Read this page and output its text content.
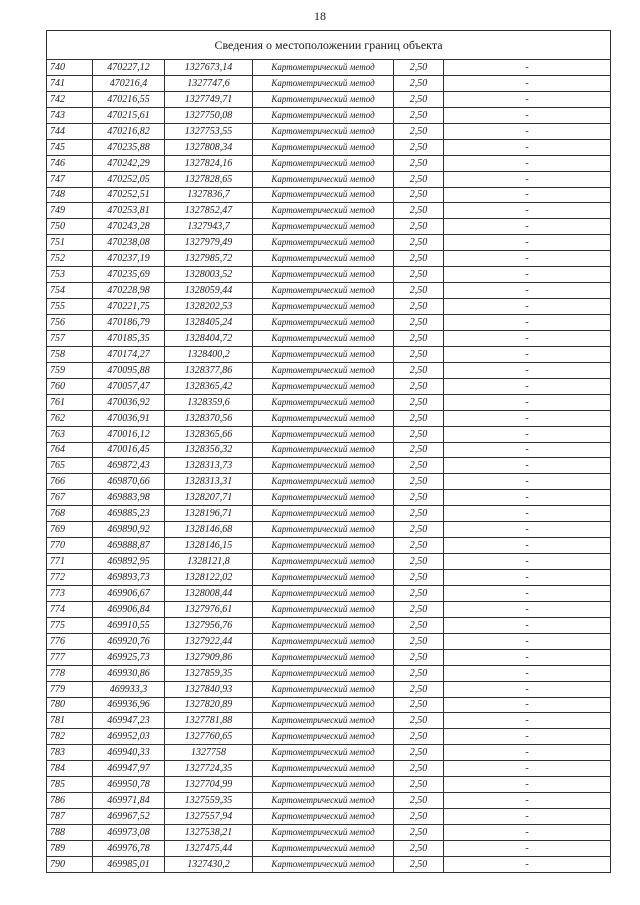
18
Сведения о местоположении границ объекта					
740	470227,12	1327673,14	Картометрический метод	2,50	-
741	470216,4	1327747,6	Картометрический метод	2,50	-
742	470216,55	1327749,71	Картометрический метод	2,50	-
743	470215,61	1327750,08	Картометрический метод	2,50	-
744	470216,82	1327753,55	Картометрический метод	2,50	-
745	470235,88	1327808,34	Картометрический метод	2,50	-
746	470242,29	1327824,16	Картометрический метод	2,50	-
747	470252,05	1327828,65	Картометрический метод	2,50	-
748	470252,51	1327836,7	Картометрический метод	2,50	-
749	470253,81	1327852,47	Картометрический метод	2,50	-
750	470243,28	1327943,7	Картометрический метод	2,50	-
751	470238,08	1327979,49	Картометрический метод	2,50	-
752	470237,19	1327985,72	Картометрический метод	2,50	-
753	470235,69	1328003,52	Картометрический метод	2,50	-
754	470228,98	1328059,44	Картометрический метод	2,50	-
755	470221,75	1328202,53	Картометрический метод	2,50	-
756	470186,79	1328405,24	Картометрический метод	2,50	-
757	470185,35	1328404,72	Картометрический метод	2,50	-
758	470174,27	1328400,2	Картометрический метод	2,50	-
759	470095,88	1328377,86	Картометрический метод	2,50	-
760	470057,47	1328365,42	Картометрический метод	2,50	-
761	470036,92	1328359,6	Картометрический метод	2,50	-
762	470036,91	1328370,56	Картометрический метод	2,50	-
763	470016,12	1328365,66	Картометрический метод	2,50	-
764	470016,45	1328356,32	Картометрический метод	2,50	-
765	469872,43	1328313,73	Картометрический метод	2,50	-
766	469870,66	1328313,31	Картометрический метод	2,50	-
767	469883,98	1328207,71	Картометрический метод	2,50	-
768	469885,23	1328196,71	Картометрический метод	2,50	-
769	469890,92	1328146,68	Картометрический метод	2,50	-
770	469888,87	1328146,15	Картометрический метод	2,50	-
771	469892,95	1328121,8	Картометрический метод	2,50	-
772	469893,73	1328122,02	Картометрический метод	2,50	-
773	469906,67	1328008,44	Картометрический метод	2,50	-
774	469906,84	1327976,61	Картометрический метод	2,50	-
775	469910,55	1327956,76	Картометрический метод	2,50	-
776	469920,76	1327922,44	Картометрический метод	2,50	-
777	469925,73	1327909,86	Картометрический метод	2,50	-
778	469930,86	1327859,35	Картометрический метод	2,50	-
779	469933,3	1327840,93	Картометрический метод	2,50	-
780	469936,96	1327820,89	Картометрический метод	2,50	-
781	469947,23	1327781,88	Картометрический метод	2,50	-
782	469952,03	1327760,65	Картометрический метод	2,50	-
783	469940,33	1327758	Картометрический метод	2,50	-
784	469947,97	1327724,35	Картометрический метод	2,50	-
785	469950,78	1327704,99	Картометрический метод	2,50	-
786	469971,84	1327559,35	Картометрический метод	2,50	-
787	469967,52	1327557,94	Картометрический метод	2,50	-
788	469973,08	1327538,21	Картометрический метод	2,50	-
789	469976,78	1327475,44	Картометрический метод	2,50	-
790	469985,01	1327430,2	Картометрический метод	2,50	-
